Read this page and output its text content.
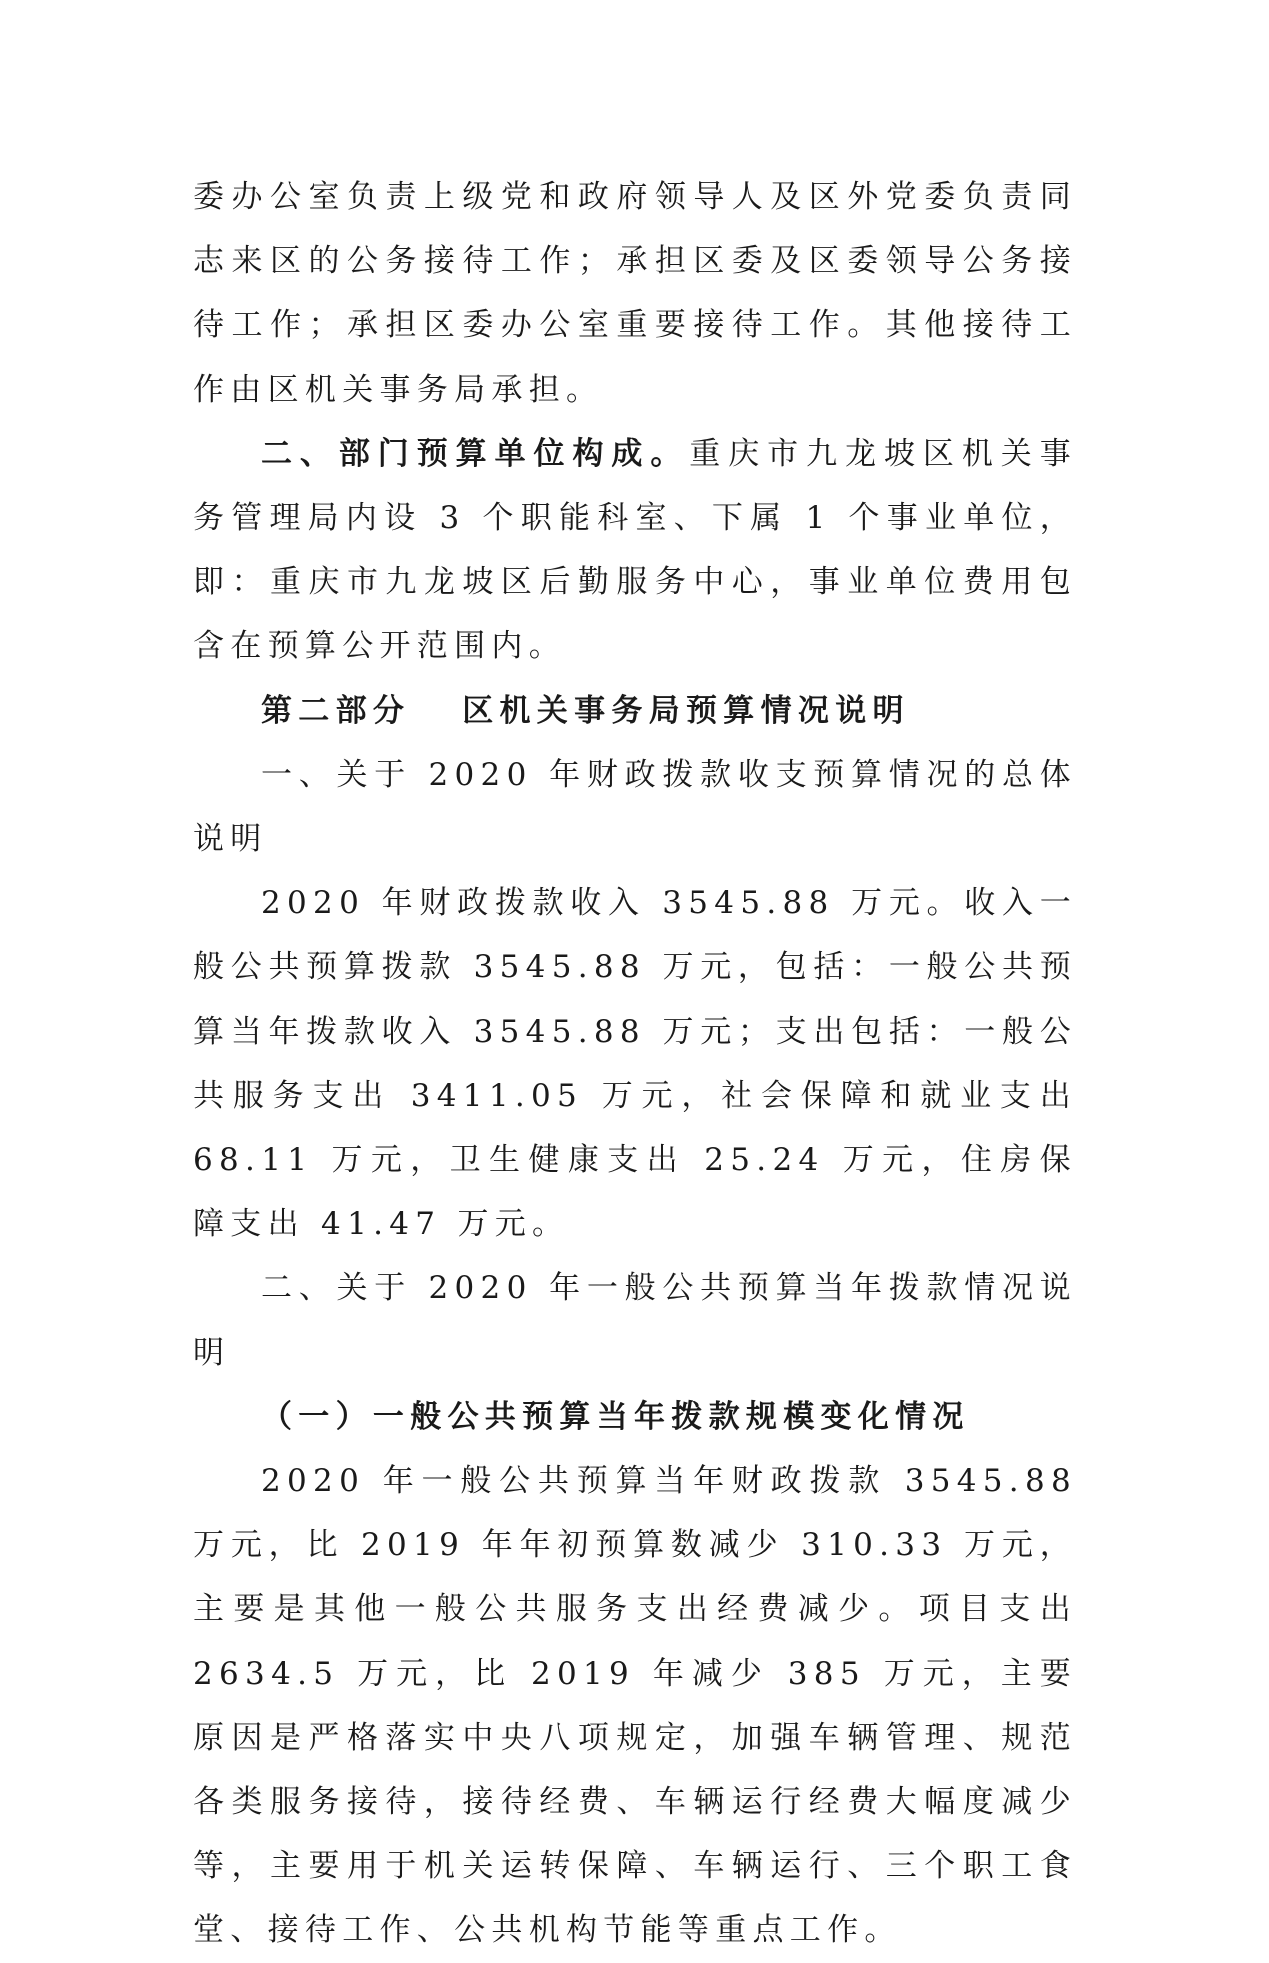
委办公室负责上级党和政府领导人及区外党委负责同志来区的公务接待工作；承担区委及区委领导公务接待工作；承担区委办公室重要接待工作。其他接待工作由区机关事务局承担。

二、部门预算单位构成。重庆市九龙坡区机关事务管理局内设 3 个职能科室、下属 1 个事业单位，即：重庆市九龙坡区后勤服务中心，事业单位费用包含在预算公开范围内。

第二部分 区机关事务局预算情况说明

一、关于 2020 年财政拨款收支预算情况的总体说明

2020 年财政拨款收入 3545.88 万元。收入一般公共预算拨款 3545.88 万元，包括：一般公共预算当年拨款收入 3545.88 万元；支出包括：一般公共服务支出 3411.05 万元，社会保障和就业支出 68.11 万元，卫生健康支出 25.24 万元，住房保障支出 41.47 万元。

二、关于 2020 年一般公共预算当年拨款情况说明

（一）一般公共预算当年拨款规模变化情况

2020 年一般公共预算当年财政拨款 3545.88 万元，比 2019 年年初预算数减少 310.33 万元，主要是其他一般公共服务支出经费减少。项目支出 2634.5 万元，比 2019 年减少 385 万元，主要原因是严格落实中央八项规定，加强车辆管理、规范各类服务接待，接待经费、车辆运行经费大幅度减少等，主要用于机关运转保障、车辆运行、三个职工食堂、接待工作、公共机构节能等重点工作。
